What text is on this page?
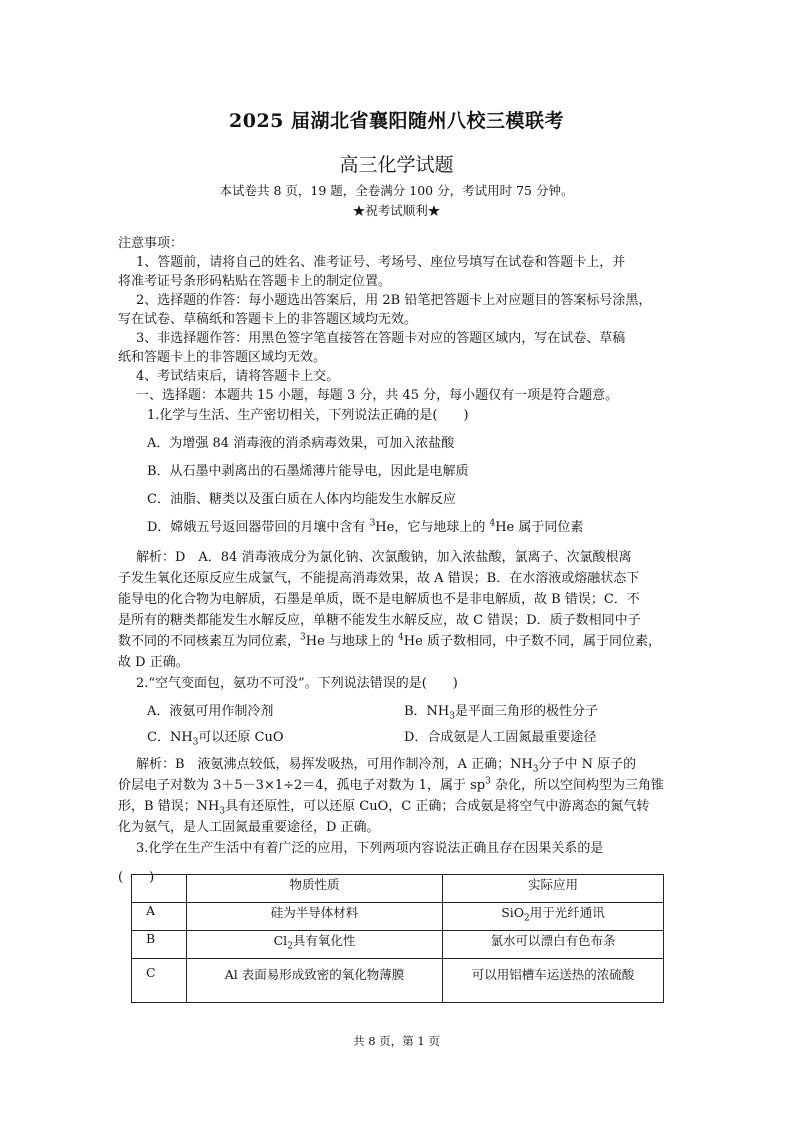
2025 届湖北省襄阳随州八校三模联考
高三化学试题
本试卷共 8 页，19 题，全卷满分 100 分，考试用时 75 分钟。
★祝考试顺利★
注意事项：
1、答题前，请将自己的姓名、准考证号、考场号、座位号填写在试卷和答题卡上，并
将准考证号条形码粘贴在答题卡上的制定位置。
2、选择题的作答：每小题选出答案后，用 2B 铅笔把答题卡上对应题目的答案标号涂黑，
写在试卷、草稿纸和答题卡上的非答题区域均无效。
3、非选择题作答：用黑色签字笔直接答在答题卡对应的答题区域内，写在试卷、草稿
纸和答题卡上的非答题区域均无效。
4、考试结束后，请将答题卡上交。
一、选择题：本题共 15 小题，每题 3 分，共 45 分，每小题仅有一项是符合题意。
1.化学与生活、生产密切相关，下列说法正确的是(　　)
A．为增强 84 消毒液的消杀病毒效果，可加入浓盐酸
B．从石墨中剥离出的石墨烯薄片能导电，因此是电解质
C．油脂、糖类以及蛋白质在人体内均能发生水解反应
D．嫦娥五号返回器带回的月壤中含有 $^3$He，它与地球上的 $^4$He 属于同位素
解析：D　A．84 消毒液成分为氯化钠、次氯酸钠，加入浓盐酸，氯离子、次氯酸根离
子发生氧化还原反应生成氯气，不能提高消毒效果，故 A 错误；B．在水溶液或熔融状态下
能导电的化合物为电解质，石墨是单质，既不是电解质也不是非电解质，故 B 错误；C．不
是所有的糖类都能发生水解反应，单糖不能发生水解反应，故 C 错误；D．质子数相同中子
数不同的不同核素互为同位素，$^3$He 与地球上的 $^4$He 质子数相同，中子数不同，属于同位素，
故 D 正确。
2.“空气变面包，氨功不可没”。下列说法错误的是(　　)
A．液氨可用作制冷剂	B．$NH_3$是平面三角形的极性分子
C．$NH_3$可以还原 CuO	D．合成氨是人工固氮最重要途径
解析：B　液氨沸点较低，易挥发吸热，可用作制冷剂，A 正确；$NH_3$分子中 N 原子的
价层电子对数为 3＋5－3×1÷2＝4，孤电子对数为 1，属于 $sp^3$ 杂化，所以空间构型为三角锥
形，B 错误；$NH_3$具有还原性，可以还原 CuO，C 正确；合成氨是将空气中游离态的氮气转
化为氨气，是人工固氮最重要途径，D 正确。
3.化学在生产生活中有着广泛的应用，下列两项内容说法正确且存在因果关系的是
(　　)
		物质性质	实际应用
A	硅为半导体材料	SiO$_2$用于光纤通讯
B	$Cl_2$具有氧化性	氯水可以漂白有色布条
C	Al 表面易形成致密的氧化物薄膜	可以用铝槽车运送热的浓硫酸
共 8 页，第 1 页
